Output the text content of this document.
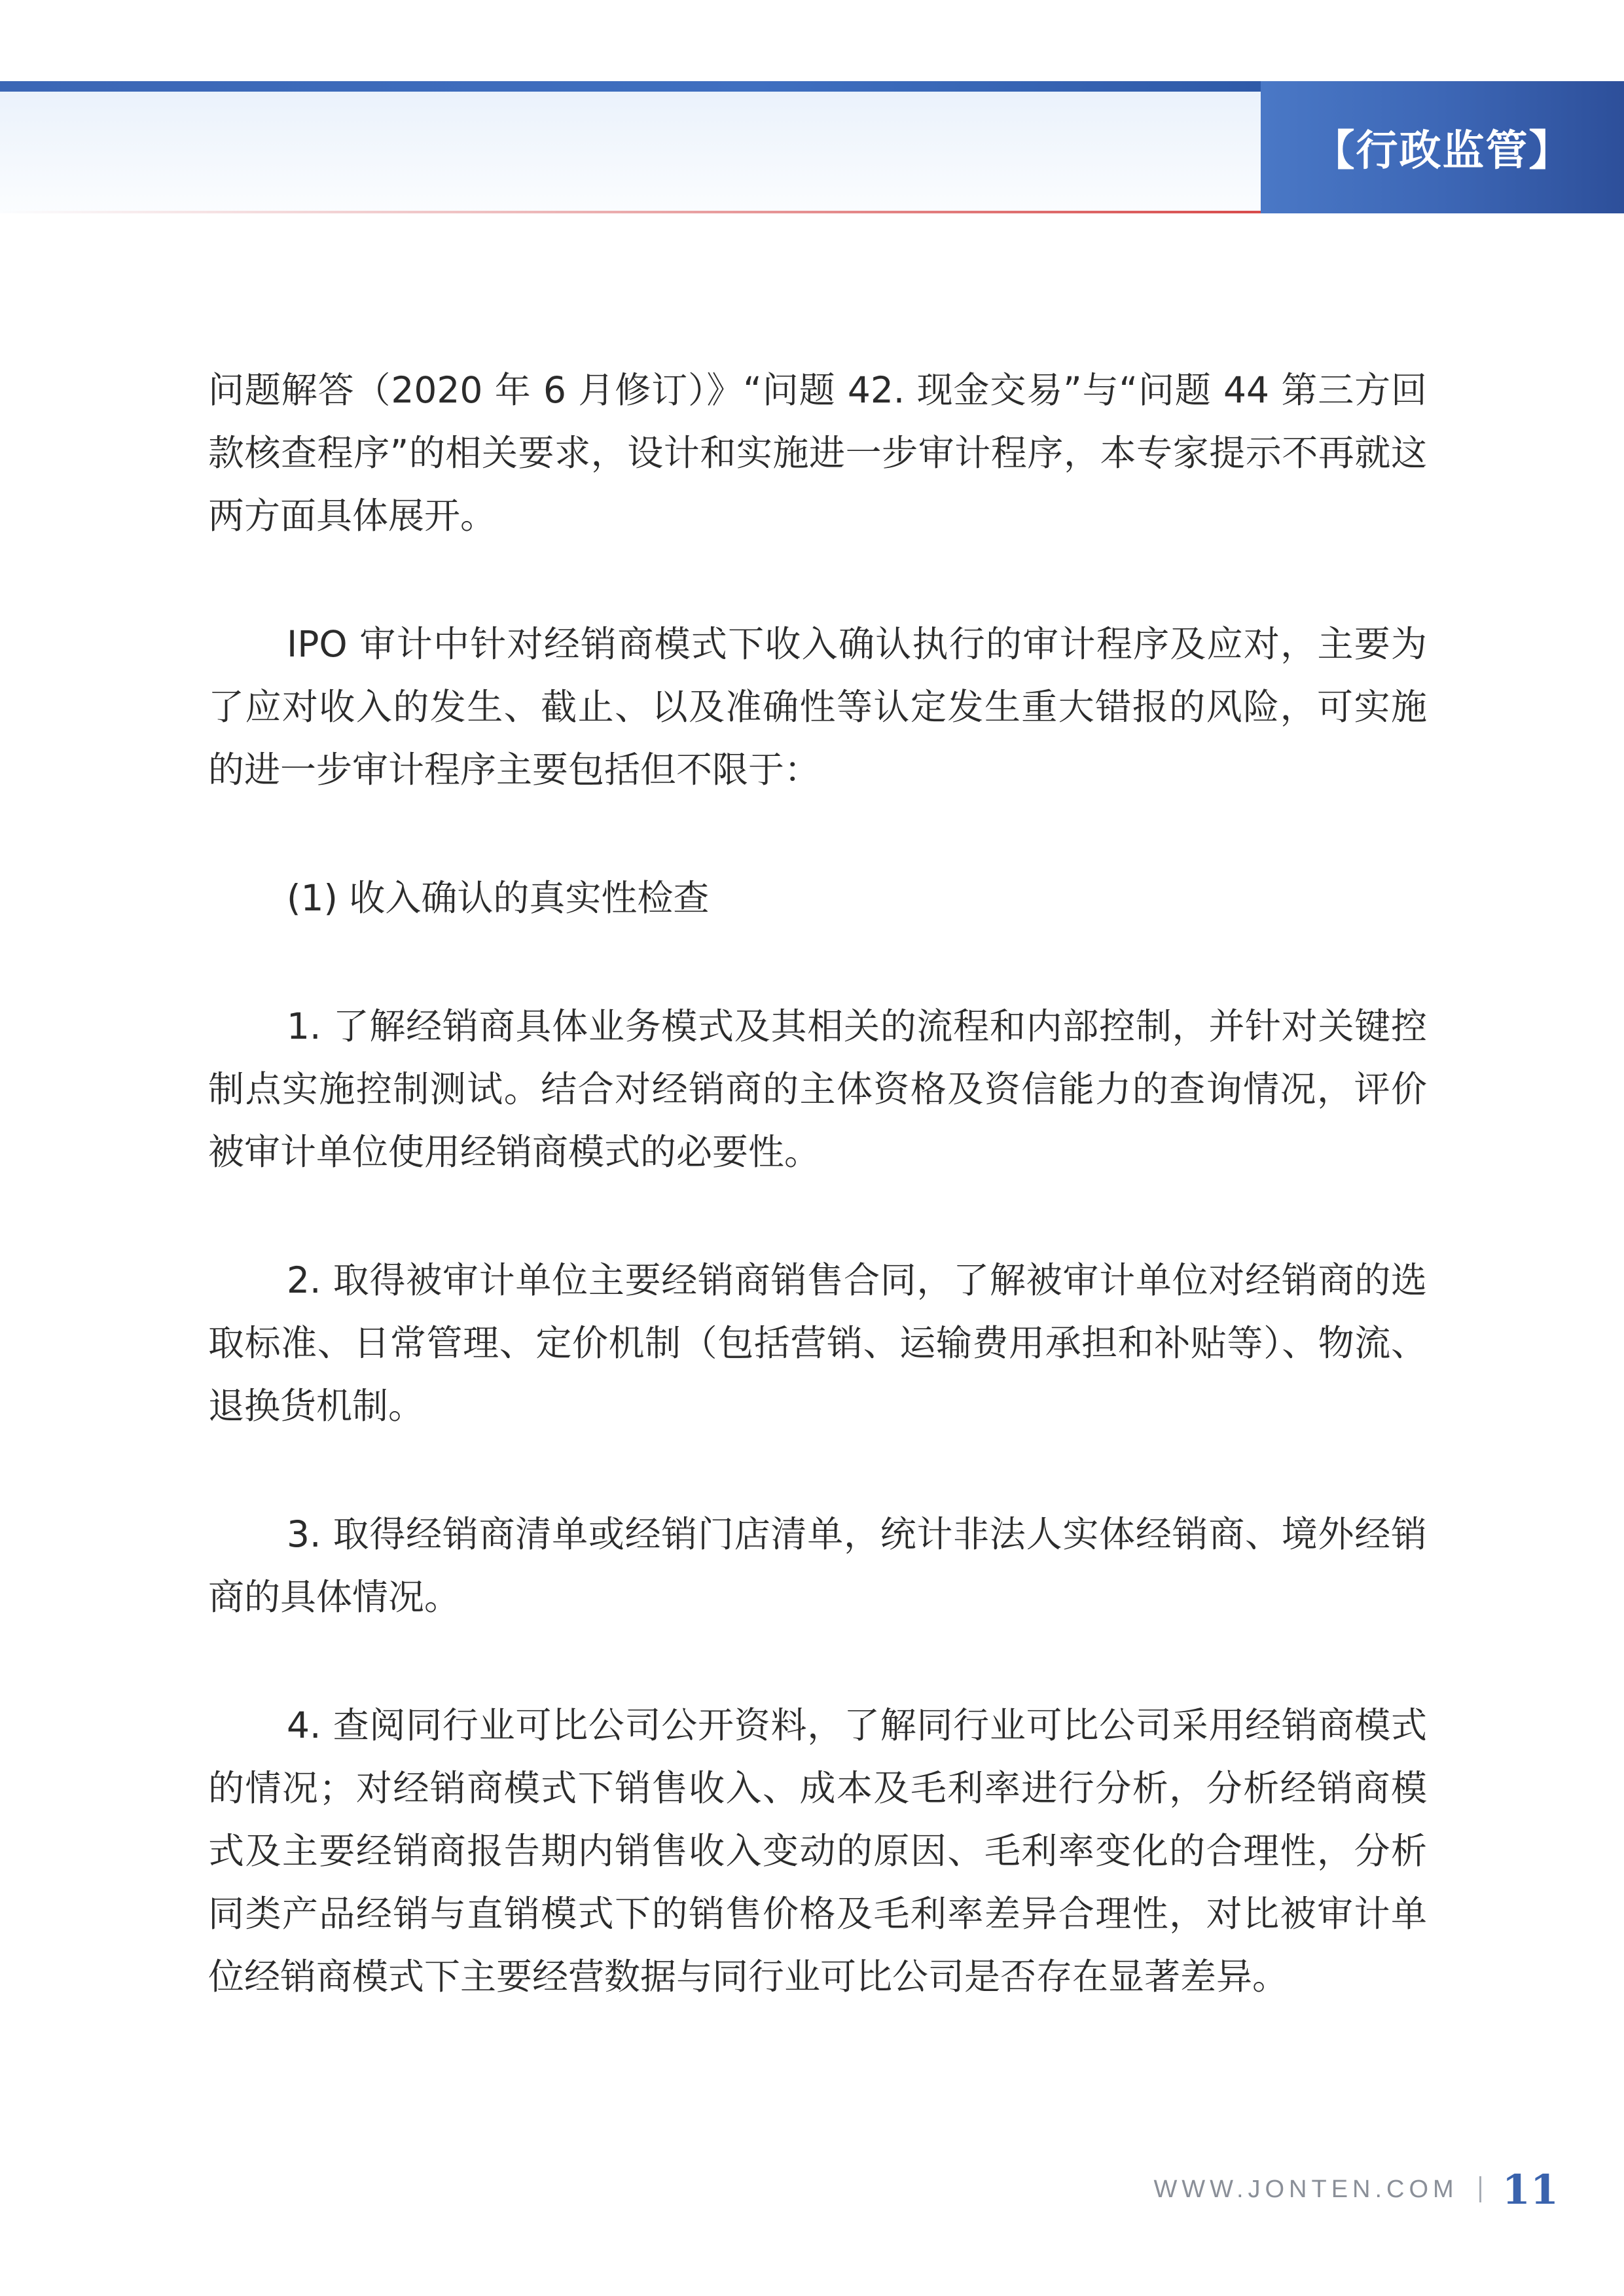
【行政监管】

问题解答（2020 年 6 月修订）》“问题 42. 现金交易”与“问题 44 第三方回款核查程序”的相关要求，设计和实施进一步审计程序，本专家提示不再就这两方面具体展开。

IPO 审计中针对经销商模式下收入确认执行的审计程序及应对，主要为了应对收入的发生、截止、以及准确性等认定发生重大错报的风险，可实施的进一步审计程序主要包括但不限于：

(1) 收入确认的真实性检查

1. 了解经销商具体业务模式及其相关的流程和内部控制，并针对关键控制点实施控制测试。结合对经销商的主体资格及资信能力的查询情况，评价被审计单位使用经销商模式的必要性。

2. 取得被审计单位主要经销商销售合同，了解被审计单位对经销商的选取标准、日常管理、定价机制（包括营销、运输费用承担和补贴等）、物流、退换货机制。

3. 取得经销商清单或经销门店清单，统计非法人实体经销商、境外经销商的具体情况。

4. 查阅同行业可比公司公开资料，了解同行业可比公司采用经销商模式的情况；对经销商模式下销售收入、成本及毛利率进行分析，分析经销商模式及主要经销商报告期内销售收入变动的原因、毛利率变化的合理性，分析同类产品经销与直销模式下的销售价格及毛利率差异合理性，对比被审计单位经销商模式下主要经营数据与同行业可比公司是否存在显著差异。

WWW.JONTEN.COM 11
